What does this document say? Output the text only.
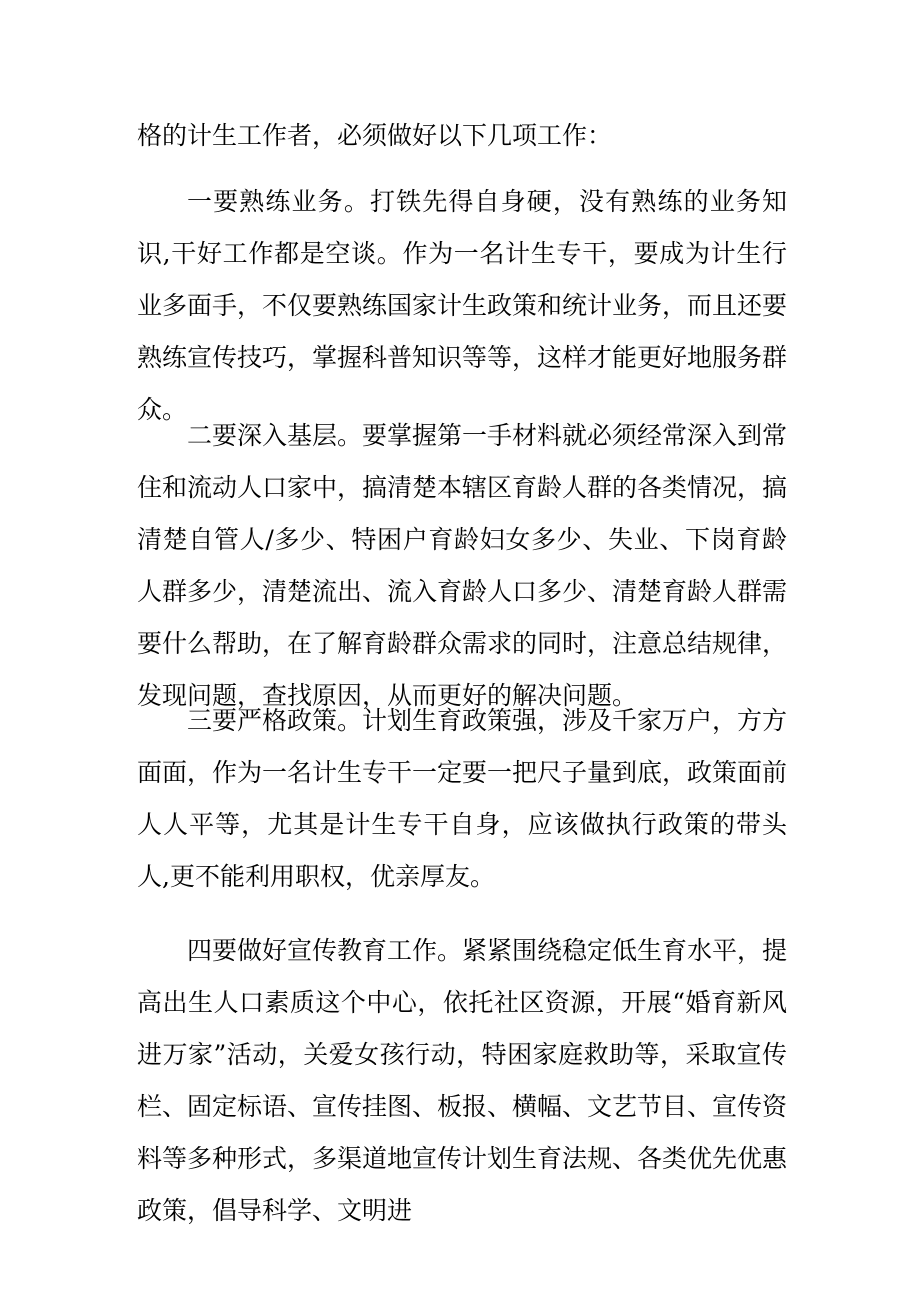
格的计生工作者，必须做好以下几项工作：

一要熟练业务。打铁先得自身硬，没有熟练的业务知识,干好工作都是空谈。作为一名计生专干，要成为计生行业多面手，不仅要熟练国家计生政策和统计业务，而且还要熟练宣传技巧，掌握科普知识等等，这样才能更好地服务群众。

二要深入基层。要掌握第一手材料就必须经常深入到常住和流动人口家中，搞清楚本辖区育龄人群的各类情况，搞清楚自管人/多少、特困户育龄妇女多少、失业、下岗育龄人群多少，清楚流出、流入育龄人口多少、清楚育龄人群需要什么帮助，在了解育龄群众需求的同时，注意总结规律，发现问题，查找原因，从而更好的解决问题。

三要严格政策。计划生育政策强，涉及千家万户，方方面面，作为一名计生专干一定要一把尺子量到底，政策面前人人平等，尤其是计生专干自身，应该做执行政策的带头人,更不能利用职权，优亲厚友。

四要做好宣传教育工作。紧紧围绕稳定低生育水平，提高出生人口素质这个中心，依托社区资源，开展“婚育新风进万家”活动，关爱女孩行动，特困家庭救助等，采取宣传栏、固定标语、宣传挂图、板报、横幅、文艺节目、宣传资料等多种形式，多渠道地宣传计划生育法规、各类优先优惠政策，倡导科学、文明进
